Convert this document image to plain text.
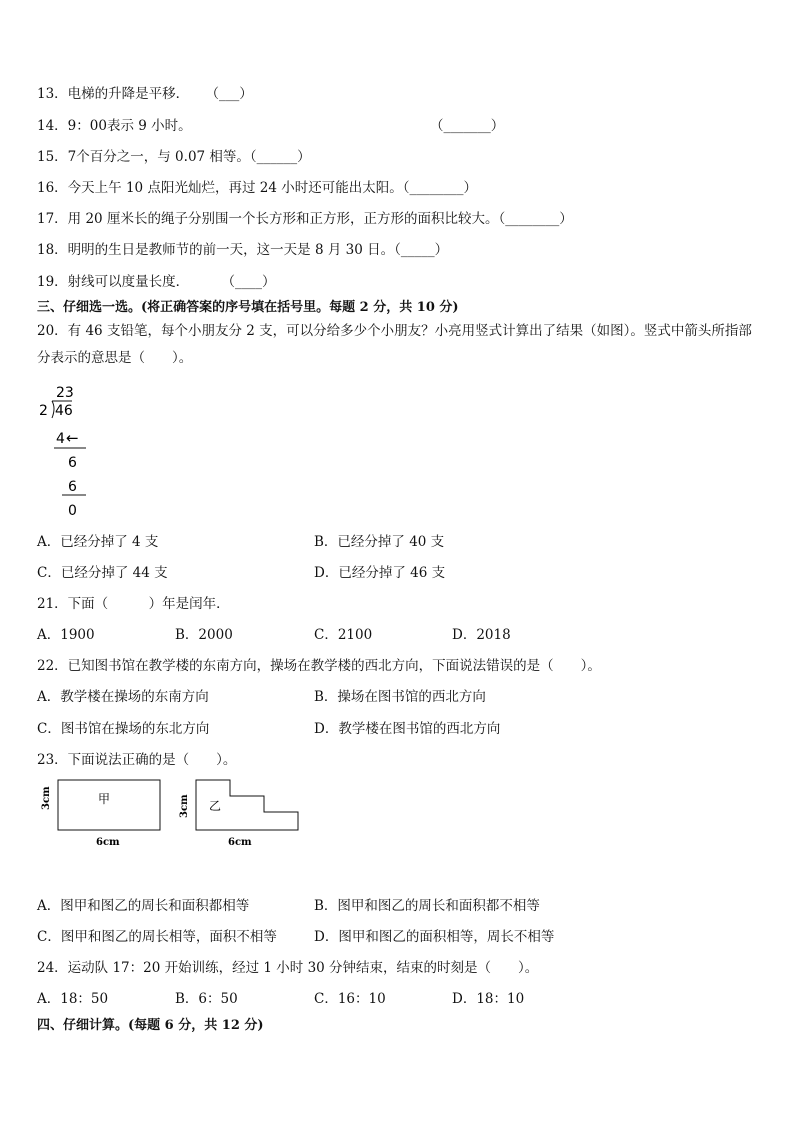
13．电梯的升降是平移． （___）
14．9：00表示 9 小时。	（_______）
15．7个百分之一，与 0.07 相等。（______）
16．今天上午 10 点阳光灿烂，再过 24 小时还可能出太阳。（________）
17．用 20 厘米长的绳子分别围一个长方形和正方形，正方形的面积比较大。（________）
18．明明的生日是教师节的前一天，这一天是 8 月 30 日。（_____）
19．射线可以度量长度． （____）
三、仔细选一选。(将正确答案的序号填在括号里。每题 2 分，共 10 分)
20．有 46 支铅笔，每个小朋友分 2 支，可以分给多少个小朋友？小亮用竖式计算出了结果（如图）。竖式中箭头所指部分表示的意思是（　　）。
23
2 46
4 ←
6
6
0
A．已经分掉了 4 支	B．已经分掉了 40 支
C．已经分掉了 44 支	D．已经分掉了 46 支
21．下面（　　　）年是闰年．
A．1900	B．2000	C．2100	D．2018
22．已知图书馆在教学楼的东南方向，操场在教学楼的西北方向，下面说法错误的是（　　）。
A．教学楼在操场的东南方向	B．操场在图书馆的西北方向
C．图书馆在操场的东北方向	D．教学楼在图书馆的西北方向
23．下面说法正确的是（　　）。
甲
3cm
6cm
乙
3cm
6cm
A．图甲和图乙的周长和面积都相等	B．图甲和图乙的周长和面积都不相等
C．图甲和图乙的周长相等，面积不相等	D．图甲和图乙的面积相等，周长不相等
24．运动队 17：20 开始训练，经过 1 小时 30 分钟结束，结束的时刻是（　　）。
A．18：50	B．6：50	C．16：10	D．18：10
四、仔细计算。(每题 6 分，共 12 分)
